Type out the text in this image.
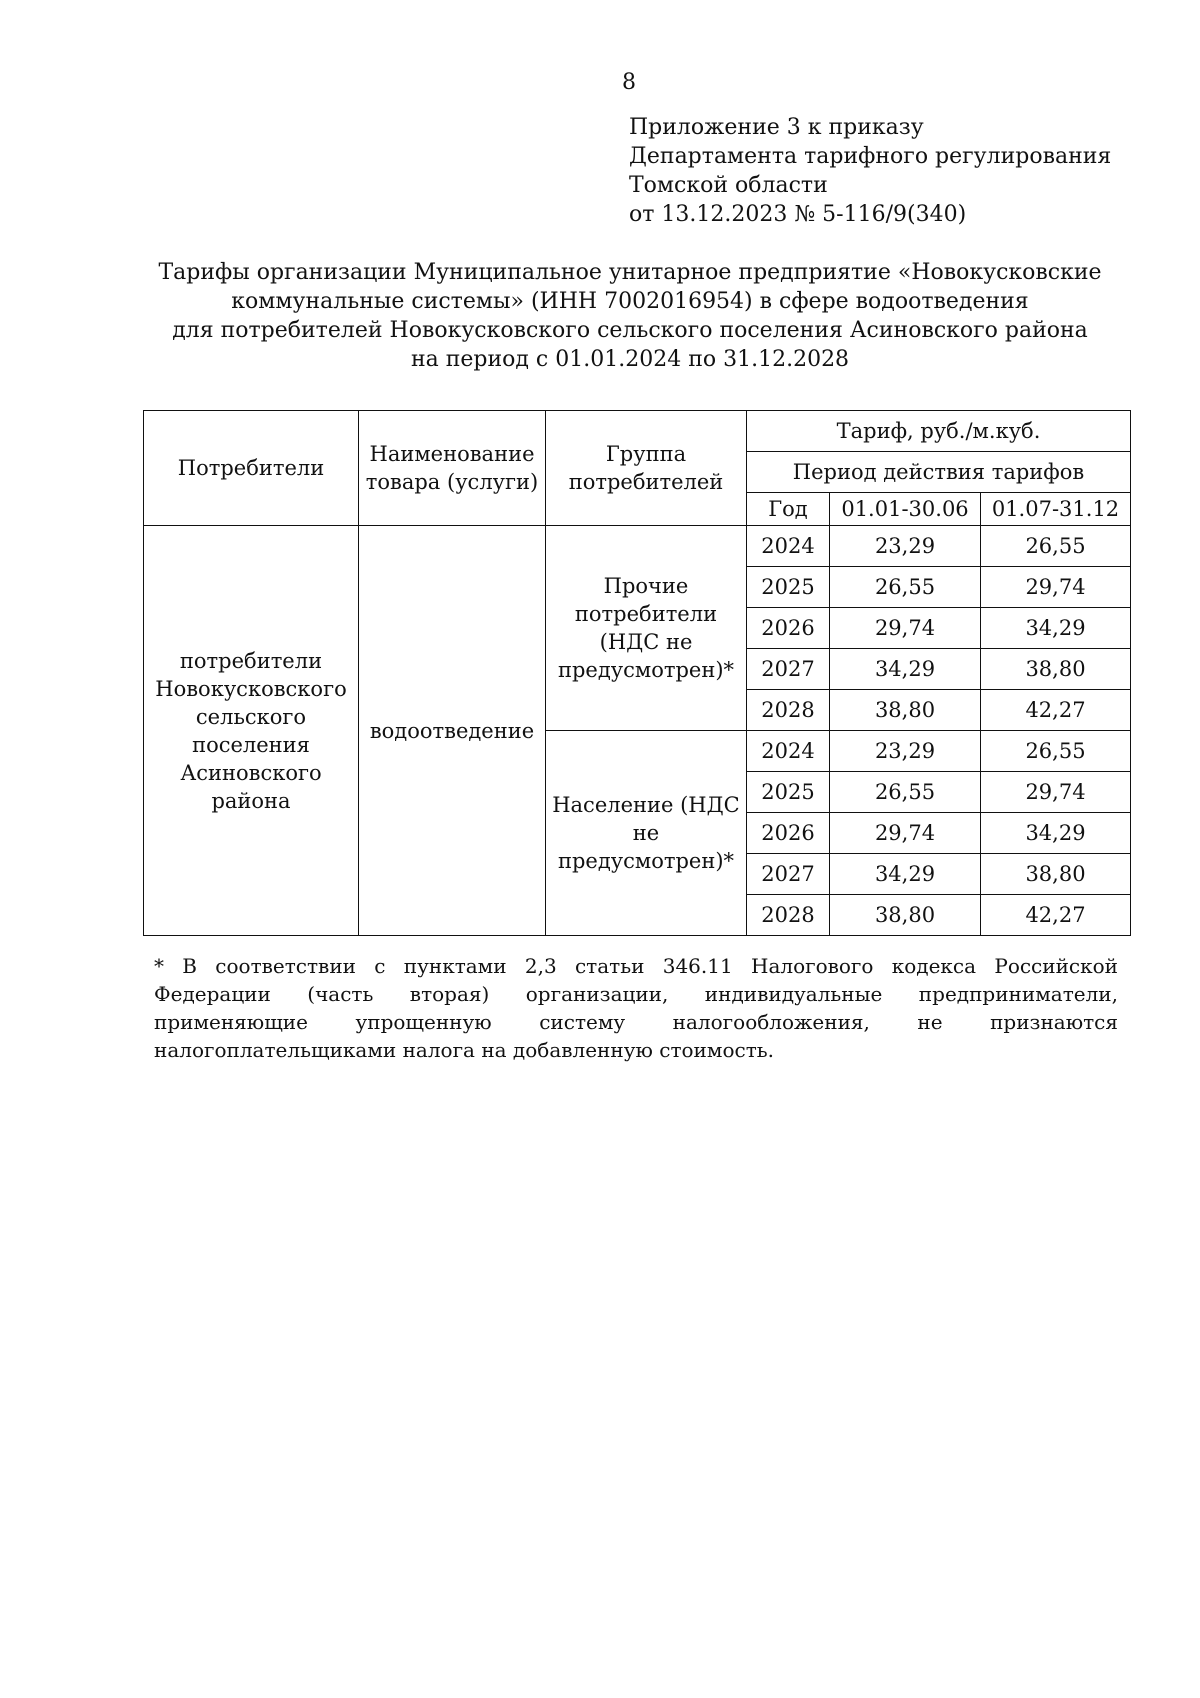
8
Приложение 3 к приказу
Департамента тарифного регулирования
Томской области
от 13.12.2023 № 5-116/9(340)
Тарифы организации Муниципальное унитарное предприятие «Новокусковские
коммунальные системы» (ИНН 7002016954) в сфере водоотведения
для потребителей Новокусковского сельского поселения Асиновского района
на период с 01.01.2024 по 31.12.2028
Потребители	Наименование товара (услуги)	Группа потребителей	Тариф, руб./м.куб.		
			Период действия тарифов		
			Год	01.01-30.06	01.07-31.12
потребители Новокусковского сельского поселения Асиновского района	водоотведение	Прочие потребители (НДС не предусмотрен)*	2024	23,29	26,55
			2025	26,55	29,74
			2026	29,74	34,29
			2027	34,29	38,80
			2028	38,80	42,27
		Население (НДС не предусмотрен)*	2024	23,29	26,55
			2025	26,55	29,74
			2026	29,74	34,29
			2027	34,29	38,80
			2028	38,80	42,27
* В соответствии с пунктами 2,3 статьи 346.11 Налогового кодекса Российской Федерации (часть вторая) организации, индивидуальные предприниматели, применяющие упрощенную систему налогообложения, не признаются налогоплательщиками налога на добавленную стоимость.
